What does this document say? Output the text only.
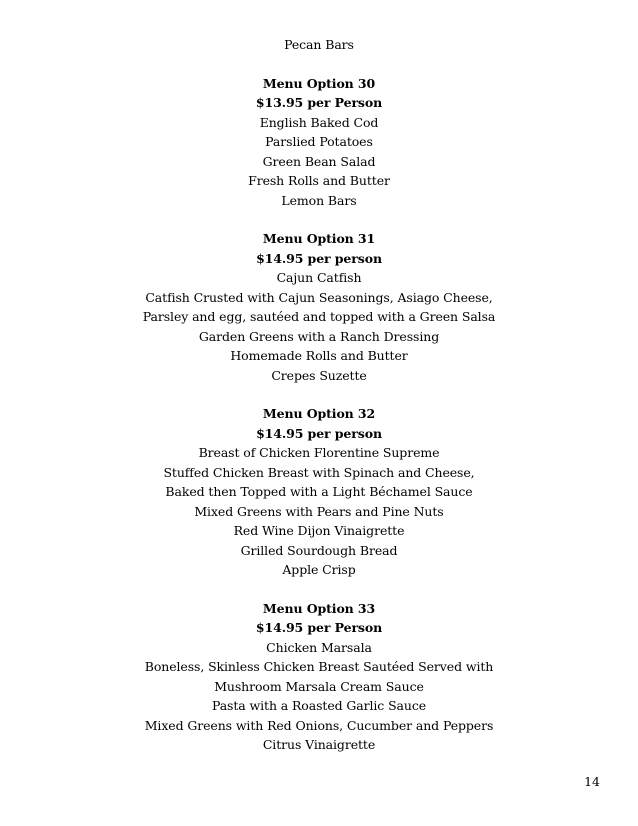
Pecan Bars
Menu Option 30
$13.95 per Person
English Baked Cod
Parslied Potatoes
Green Bean Salad
Fresh Rolls and Butter
Lemon Bars
Menu Option 31
$14.95 per person
Cajun Catfish
Catfish Crusted with Cajun Seasonings, Asiago Cheese,
Parsley and egg, sautéed and topped with a Green Salsa
Garden Greens with a Ranch Dressing
Homemade Rolls and Butter
Crepes Suzette
Menu Option 32
$14.95 per person
Breast of Chicken Florentine Supreme
Stuffed Chicken Breast with Spinach and Cheese,
Baked then Topped with a Light Béchamel Sauce
Mixed Greens with Pears and Pine Nuts
Red Wine Dijon Vinaigrette
Grilled Sourdough Bread
Apple Crisp
Menu Option 33
$14.95 per Person
Chicken Marsala
Boneless, Skinless Chicken Breast Sautéed Served with
Mushroom Marsala Cream Sauce
Pasta with a Roasted Garlic Sauce
Mixed Greens with Red Onions, Cucumber and Peppers
Citrus Vinaigrette
14
